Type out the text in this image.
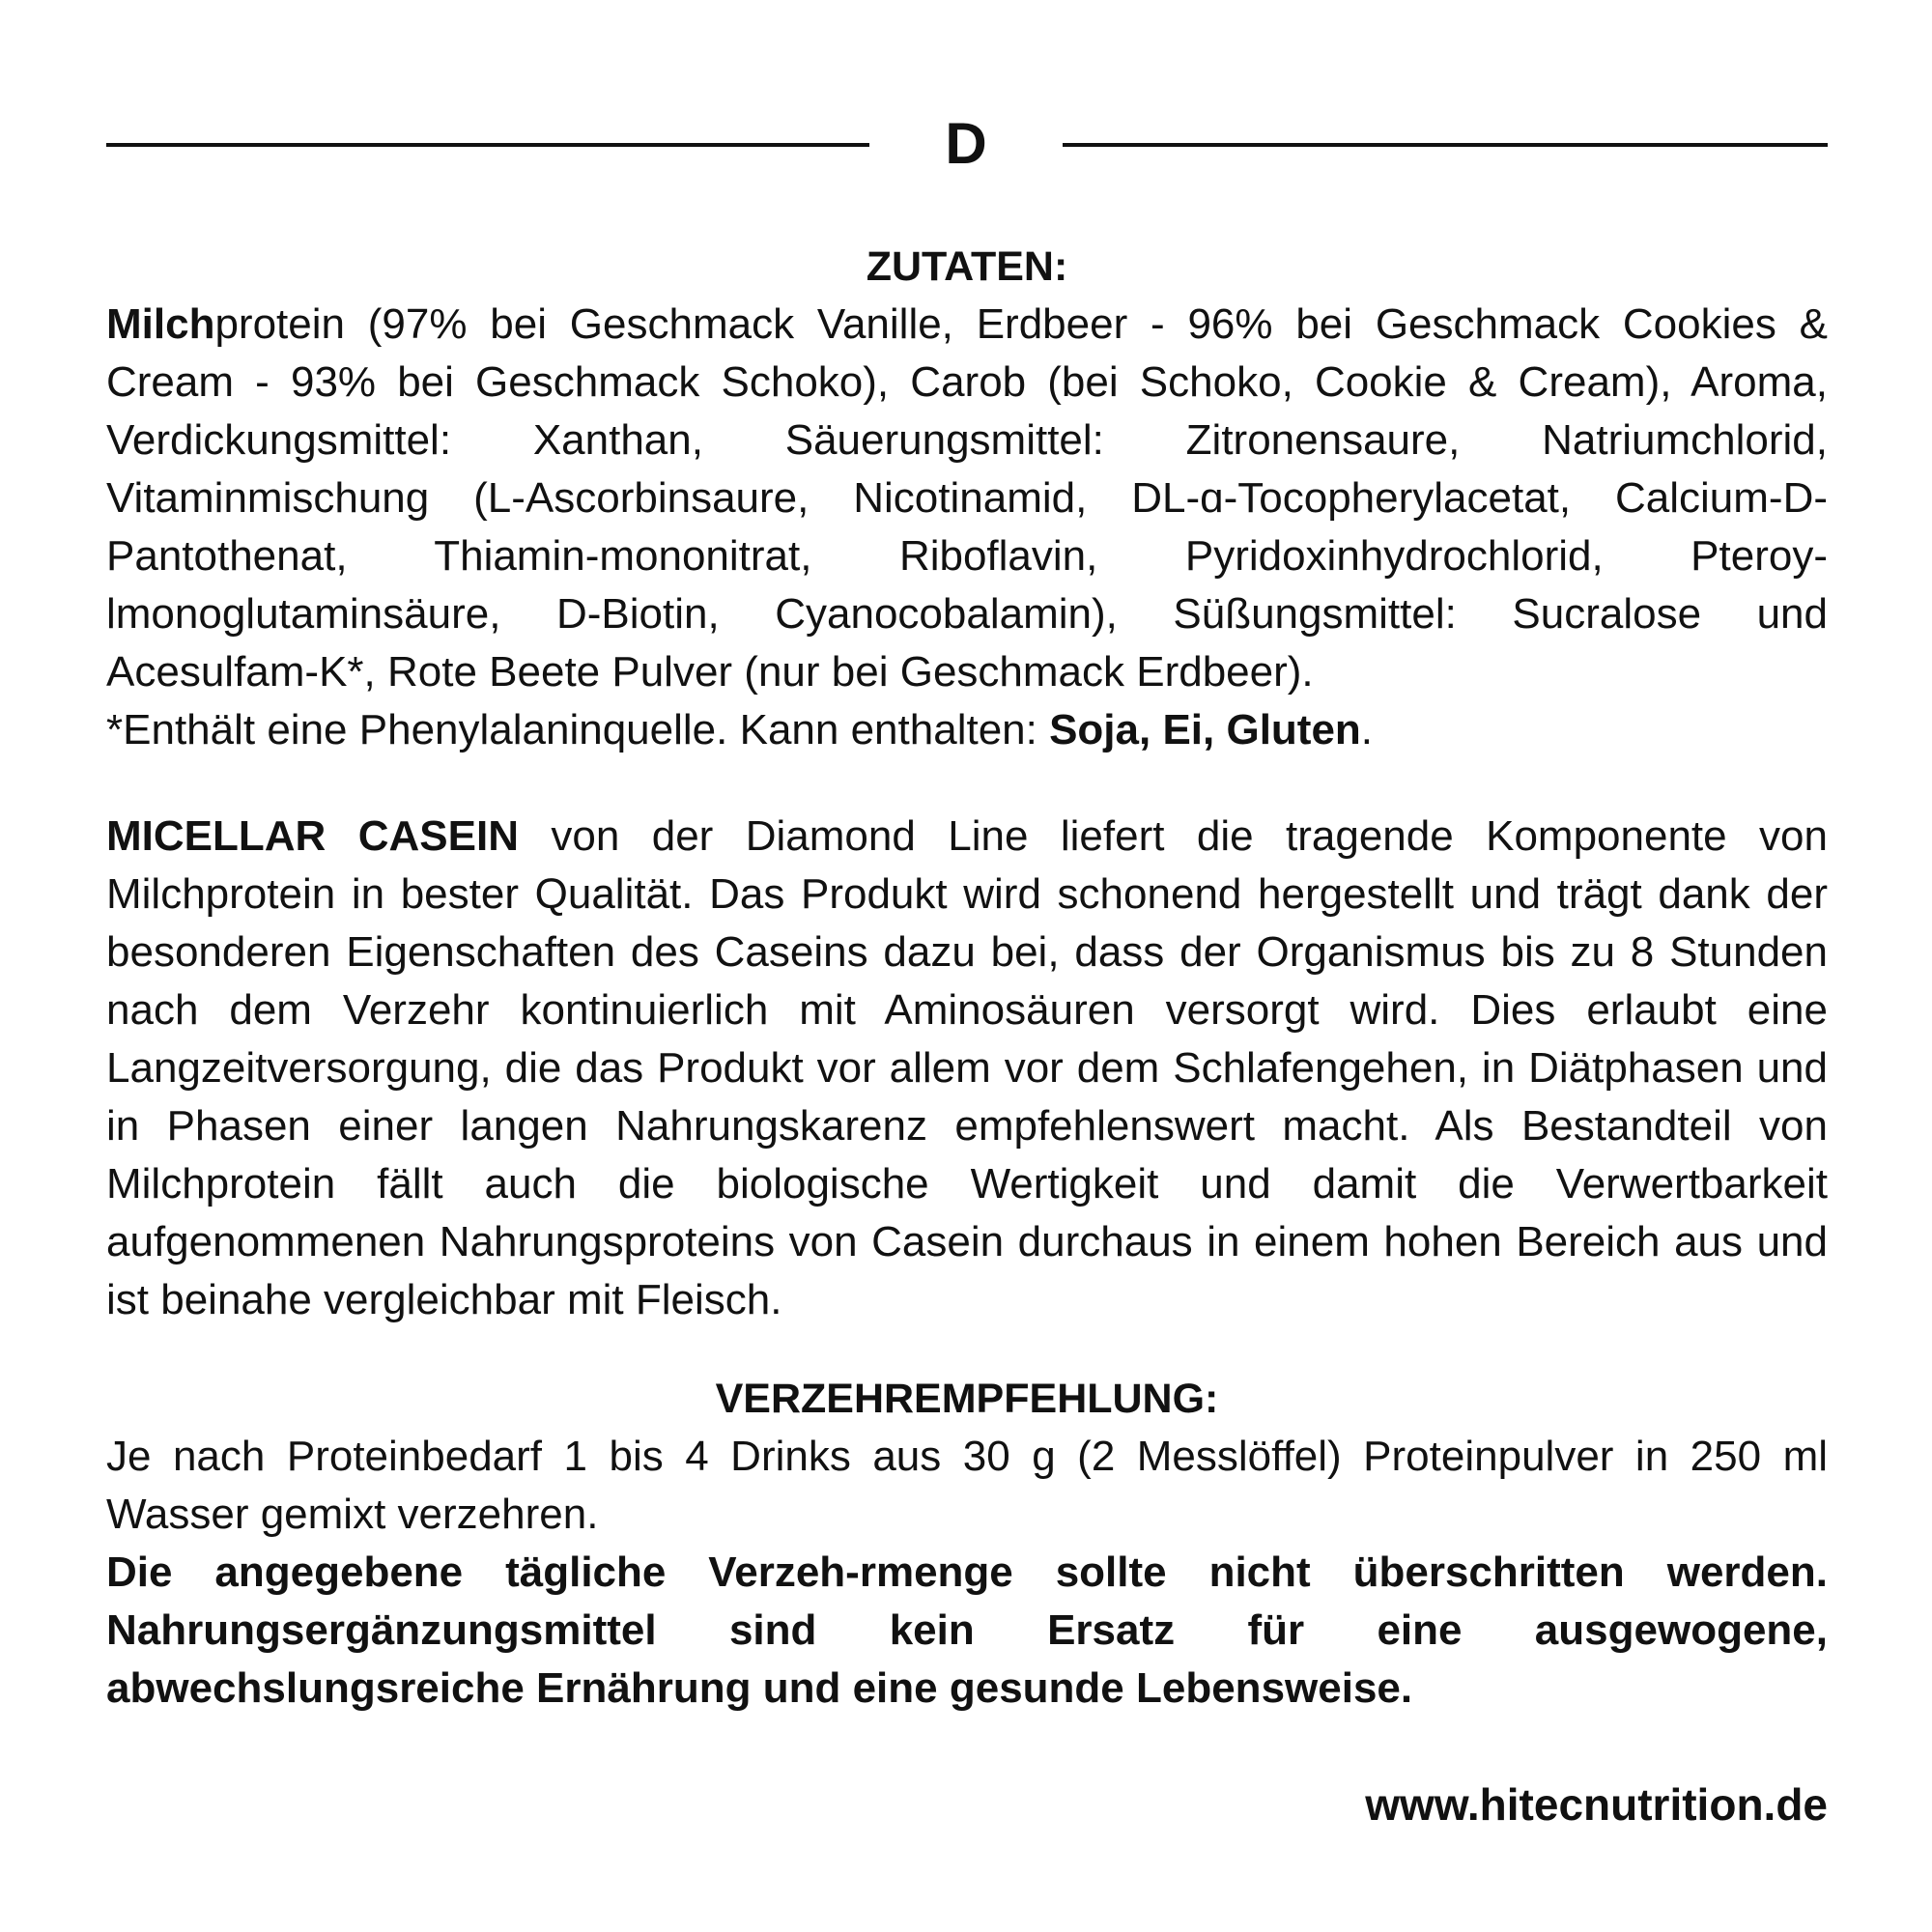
D
ZUTATEN:

Milchprotein (97% bei Geschmack Vanille, Erdbeer - 96% bei Geschmack Cookies & Cream - 93% bei Geschmack Schoko), Carob (bei Schoko, Cookie & Cream), Aroma, Verdickungsmittel: Xanthan, Säuerungsmittel: Zitronensaure, Natriumchlorid, Vitaminmischung (L-Ascorbinsaure, Nicotinamid, DL-ɑ-Tocopherylacetat, Calcium-D-Pantothenat, Thiamin-mononitrat, Riboflavin, Pyridoxinhydrochlorid, Pteroy-lmonoglutaminsäure, D-Biotin, Cyanocobalamin), Süßungsmittel: Sucralose und Acesulfam-K*, Rote Beete Pulver (nur bei Geschmack Erdbeer).

*Enthält eine Phenylalaninquelle. Kann enthalten: Soja, Ei, Gluten.

MICELLAR CASEIN von der Diamond Line liefert die tragende Komponente von Milchprotein in bester Qualität. Das Produkt wird schonend hergestellt und trägt dank der besonderen Eigenschaften des Caseins dazu bei, dass der Organismus bis zu 8 Stunden nach dem Verzehr kontinuierlich mit Aminosäuren versorgt wird. Dies erlaubt eine Langzeitversorgung, die das Produkt vor allem vor dem Schlafengehen, in Diätphasen und in Phasen einer langen Nahrungskarenz empfehlenswert macht. Als Bestandteil von Milchprotein fällt auch die biologische Wertigkeit und damit die Verwertbarkeit aufgenommenen Nahrungsproteins von Casein durchaus in einem hohen Bereich aus und ist beinahe vergleichbar mit Fleisch.

VERZEHREMPFEHLUNG:

Je nach Proteinbedarf 1 bis 4 Drinks aus 30 g (2 Messlöffel) Proteinpulver in 250 ml Wasser gemixt verzehren.

Die angegebene tägliche Verzeh-rmenge sollte nicht überschritten werden. Nahrungsergänzungsmittel sind kein Ersatz für eine ausgewogene, abwechslungsreiche Ernährung und eine gesunde Lebensweise.

www.hitecnutrition.de
